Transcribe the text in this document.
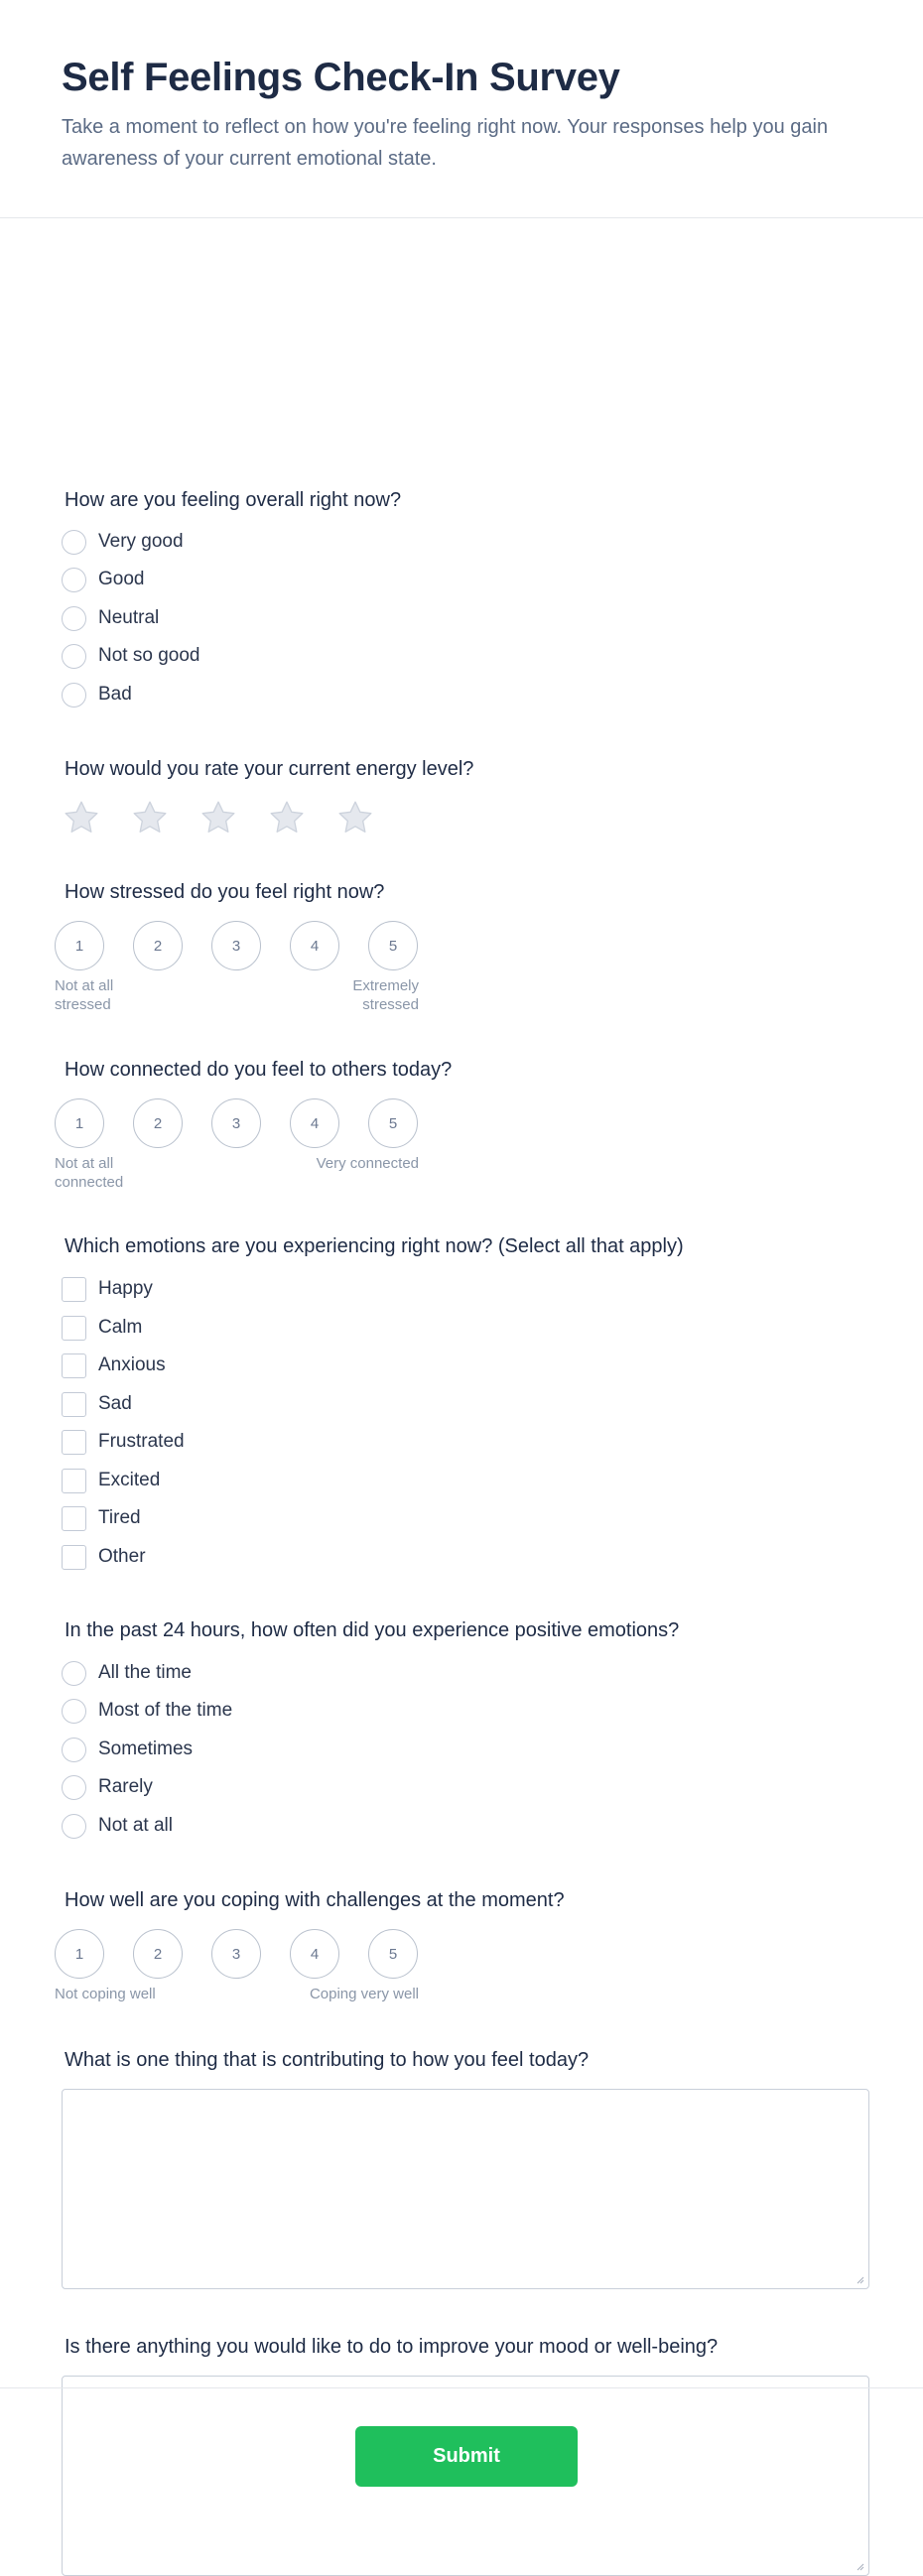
Self Feelings Check-In Survey

Take a moment to reflect on how you're feeling right now. Your responses help you gain awareness of your current emotional state.

How are you feeling overall right now?
Very good
Good
Neutral
Not so good
Bad
How would you rate your current energy level?
How stressed do you feel right now?
1	2	3	4	5
Not at all stressed
Extremely stressed
How connected do you feel to others today?
1	2	3	4	5
Not at all connected
Very connected
Which emotions are you experiencing right now? (Select all that apply)
Happy
Calm
Anxious
Sad
Frustrated
Excited
Tired
Other
In the past 24 hours, how often did you experience positive emotions?
All the time
Most of the time
Sometimes
Rarely
Not at all
How well are you coping with challenges at the moment?
1	2	3	4	5
Not coping well	Coping very well
What is one thing that is contributing to how you feel today?
Is there anything you would like to do to improve your mood or well-being?
Submit
